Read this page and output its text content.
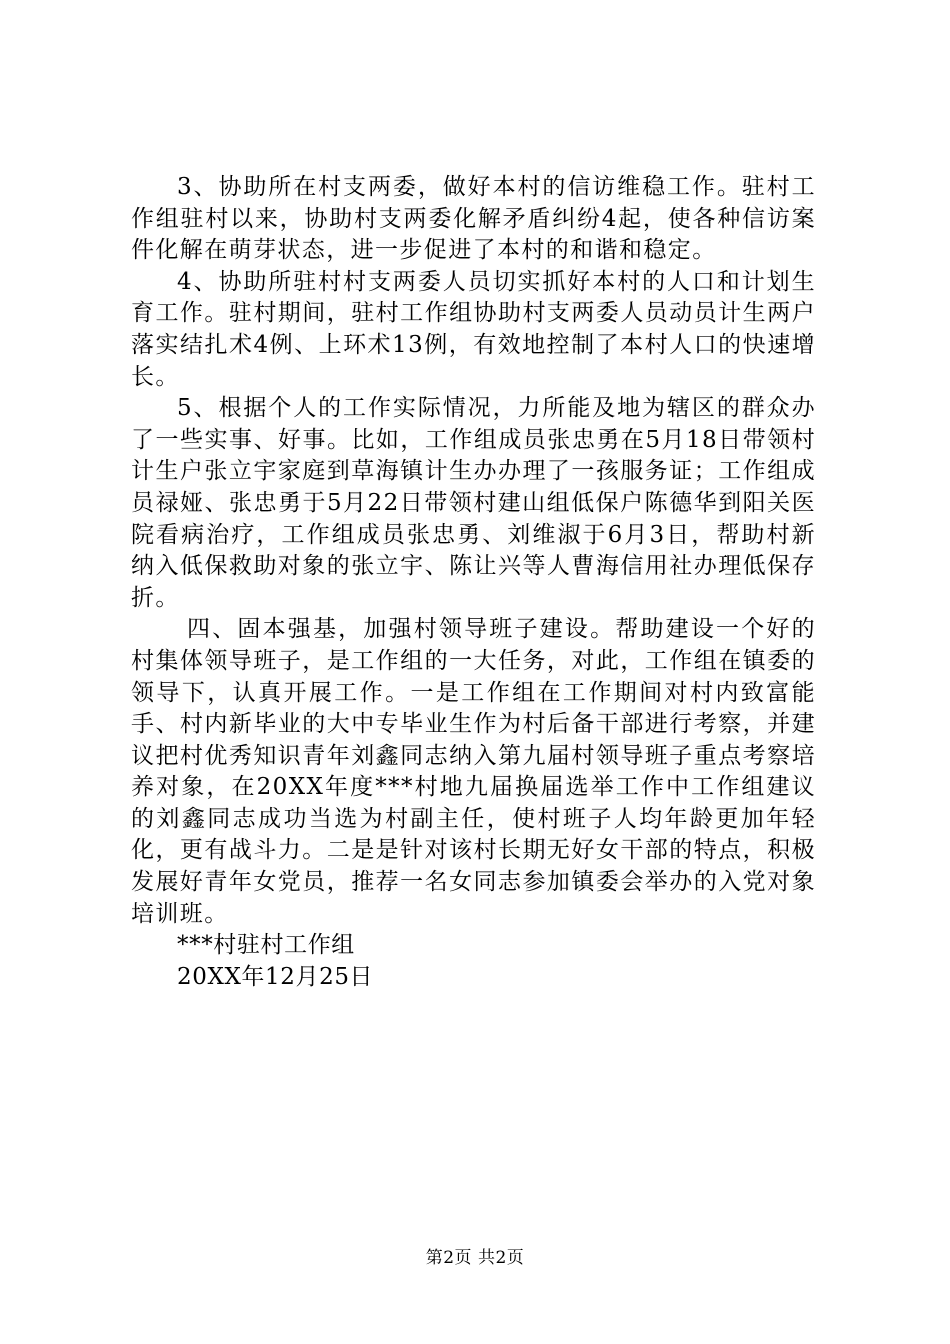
3、协助所在村支两委，做好本村的信访维稳工作。驻村工作组驻村以来，协助村支两委化解矛盾纠纷4起，使各种信访案件化解在萌芽状态，进一步促进了本村的和谐和稳定。

4、协助所驻村村支两委人员切实抓好本村的人口和计划生育工作。驻村期间，驻村工作组协助村支两委人员动员计生两户落实结扎术4例、上环术13例，有效地控制了本村人口的快速增长。

5、根据个人的工作实际情况，力所能及地为辖区的群众办了一些实事、好事。比如，工作组成员张忠勇在5月18日带领村计生户张立宇家庭到草海镇计生办办理了一孩服务证；工作组成员禄娅、张忠勇于5月22日带领村建山组低保户陈德华到阳关医院看病治疗，工作组成员张忠勇、刘维淑于6月3日，帮助村新纳入低保救助对象的张立宇、陈让兴等人曹海信用社办理低保存折。

四、固本强基，加强村领导班子建设。帮助建设一个好的村集体领导班子，是工作组的一大任务，对此，工作组在镇委的领导下，认真开展工作。一是工作组在工作期间对村内致富能手、村内新毕业的大中专毕业生作为村后备干部进行考察，并建议把村优秀知识青年刘鑫同志纳入第九届村领导班子重点考察培养对象，在20XX年度***村地九届换届选举工作中工作组建议的刘鑫同志成功当选为村副主任，使村班子人均年龄更加年轻化，更有战斗力。二是是针对该村长期无好女干部的特点，积极发展好青年女党员，推荐一名女同志参加镇委会举办的入党对象培训班。

***村驻村工作组

20XX年12月25日

第2页 共2页
